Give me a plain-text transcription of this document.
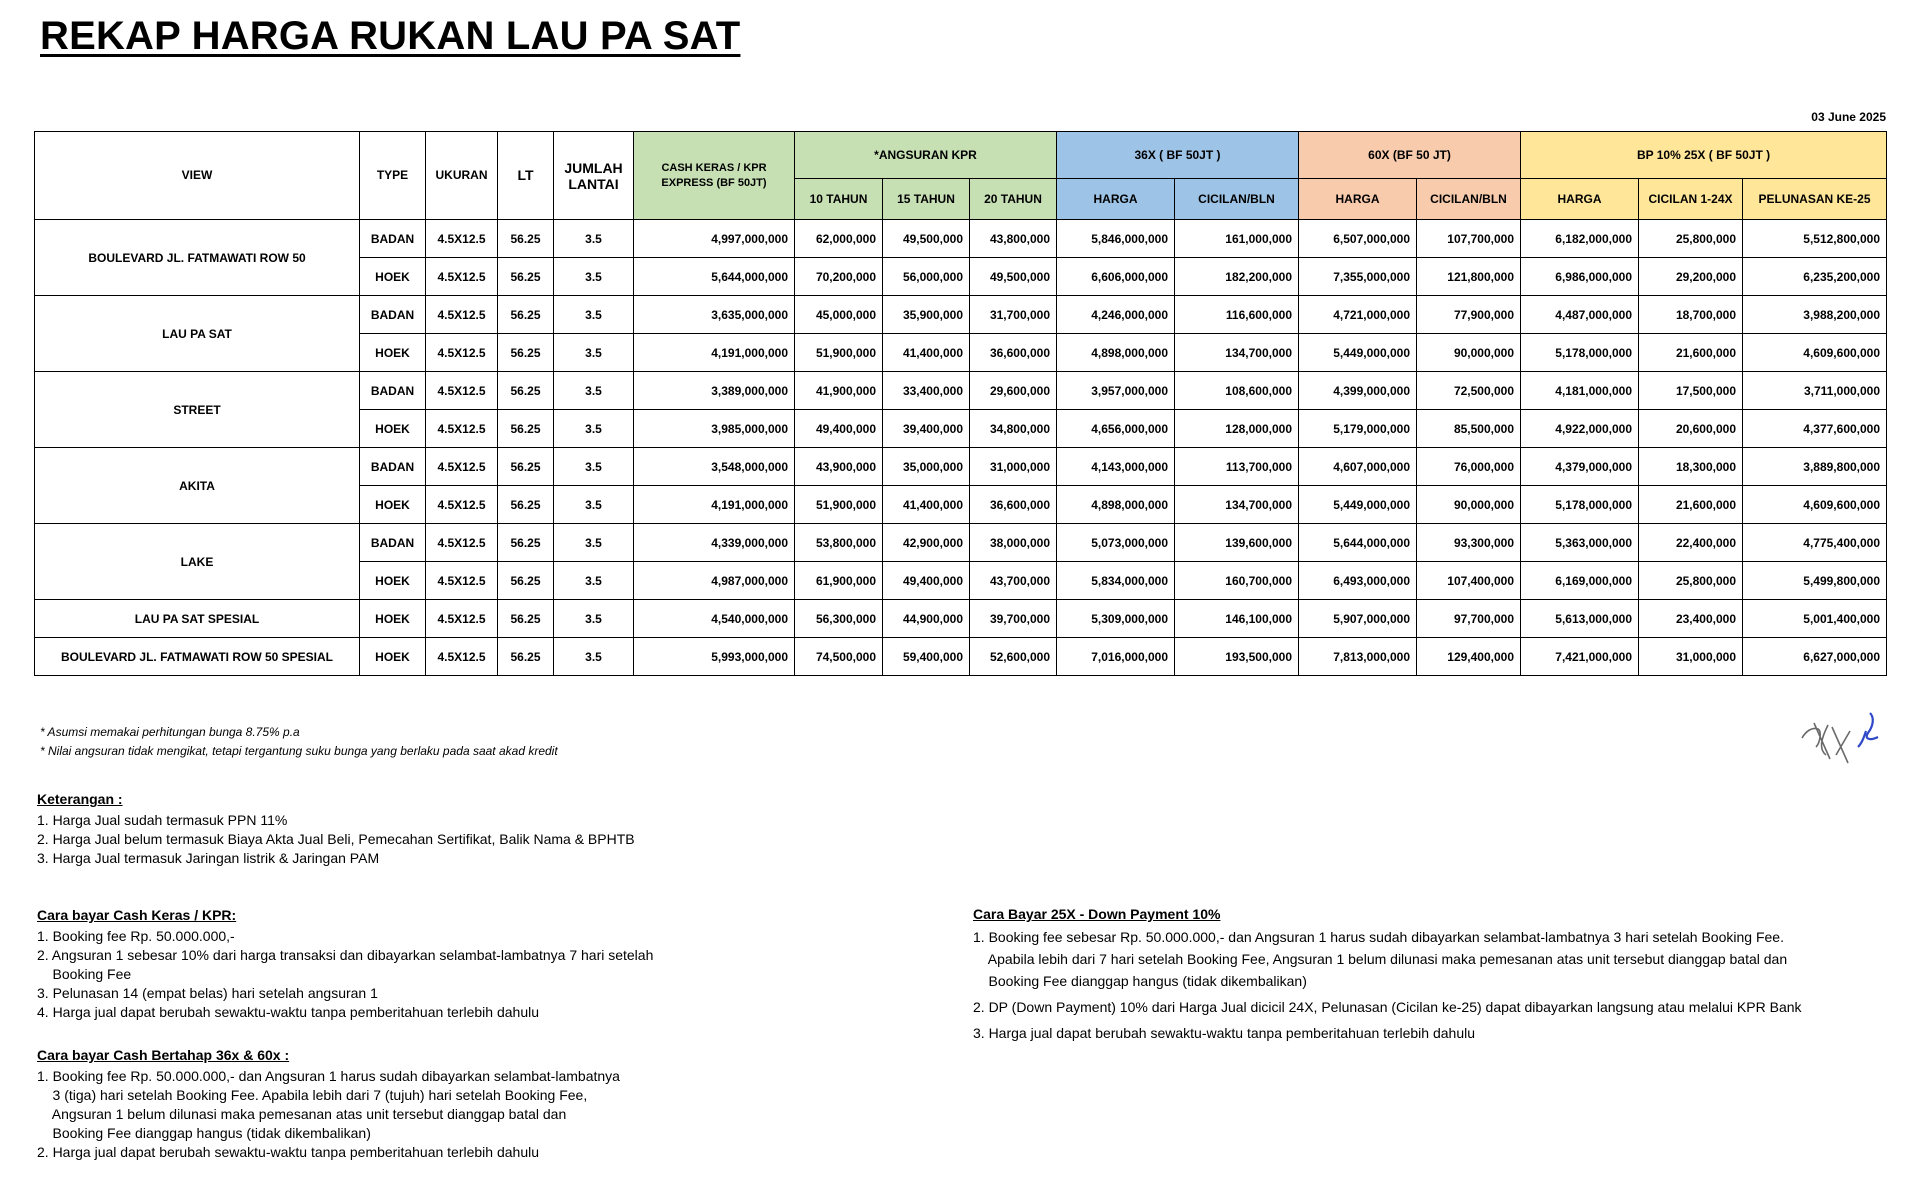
REKAP HARGA RUKAN LAU PA SAT
03 June 2025
VIEW	TYPE	UKURAN	LT	JUMLAH LANTAI	CASH KERAS / KPR EXPRESS (BF 50JT)	*ANGSURAN KPR			36X ( BF 50JT )		60X (BF 50 JT)		BP 10% 25X ( BF 50JT )		
						10 TAHUN	15 TAHUN	20 TAHUN	HARGA	CICILAN/BLN	HARGA	CICILAN/BLN	HARGA	CICILAN 1-24X	PELUNASAN KE-25
BOULEVARD JL. FATMAWATI ROW 50	BADAN	4.5X12.5	56.25	3.5	4,997,000,000	62,000,000	49,500,000	43,800,000	5,846,000,000	161,000,000	6,507,000,000	107,700,000	6,182,000,000	25,800,000	5,512,800,000
	HOEK	4.5X12.5	56.25	3.5	5,644,000,000	70,200,000	56,000,000	49,500,000	6,606,000,000	182,200,000	7,355,000,000	121,800,000	6,986,000,000	29,200,000	6,235,200,000
LAU PA SAT	BADAN	4.5X12.5	56.25	3.5	3,635,000,000	45,000,000	35,900,000	31,700,000	4,246,000,000	116,600,000	4,721,000,000	77,900,000	4,487,000,000	18,700,000	3,988,200,000
	HOEK	4.5X12.5	56.25	3.5	4,191,000,000	51,900,000	41,400,000	36,600,000	4,898,000,000	134,700,000	5,449,000,000	90,000,000	5,178,000,000	21,600,000	4,609,600,000
STREET	BADAN	4.5X12.5	56.25	3.5	3,389,000,000	41,900,000	33,400,000	29,600,000	3,957,000,000	108,600,000	4,399,000,000	72,500,000	4,181,000,000	17,500,000	3,711,000,000
	HOEK	4.5X12.5	56.25	3.5	3,985,000,000	49,400,000	39,400,000	34,800,000	4,656,000,000	128,000,000	5,179,000,000	85,500,000	4,922,000,000	20,600,000	4,377,600,000
AKITA	BADAN	4.5X12.5	56.25	3.5	3,548,000,000	43,900,000	35,000,000	31,000,000	4,143,000,000	113,700,000	4,607,000,000	76,000,000	4,379,000,000	18,300,000	3,889,800,000
	HOEK	4.5X12.5	56.25	3.5	4,191,000,000	51,900,000	41,400,000	36,600,000	4,898,000,000	134,700,000	5,449,000,000	90,000,000	5,178,000,000	21,600,000	4,609,600,000
LAKE	BADAN	4.5X12.5	56.25	3.5	4,339,000,000	53,800,000	42,900,000	38,000,000	5,073,000,000	139,600,000	5,644,000,000	93,300,000	5,363,000,000	22,400,000	4,775,400,000
	HOEK	4.5X12.5	56.25	3.5	4,987,000,000	61,900,000	49,400,000	43,700,000	5,834,000,000	160,700,000	6,493,000,000	107,400,000	6,169,000,000	25,800,000	5,499,800,000
LAU PA SAT SPESIAL	HOEK	4.5X12.5	56.25	3.5	4,540,000,000	56,300,000	44,900,000	39,700,000	5,309,000,000	146,100,000	5,907,000,000	97,700,000	5,613,000,000	23,400,000	5,001,400,000
BOULEVARD JL. FATMAWATI ROW 50 SPESIAL	HOEK	4.5X12.5	56.25	3.5	5,993,000,000	74,500,000	59,400,000	52,600,000	7,016,000,000	193,500,000	7,813,000,000	129,400,000	7,421,000,000	31,000,000	6,627,000,000
* Asumsi memakai perhitungan bunga 8.75% p.a
* Nilai angsuran tidak mengikat, tetapi tergantung suku bunga yang berlaku pada saat akad kredit
Keterangan :
1. Harga Jual sudah termasuk PPN 11%
2. Harga Jual belum termasuk Biaya Akta Jual Beli, Pemecahan Sertifikat, Balik Nama & BPHTB
3. Harga Jual termasuk Jaringan listrik & Jaringan PAM
Cara bayar Cash Keras / KPR:
1. Booking fee Rp. 50.000.000,-
2. Angsuran 1 sebesar 10% dari harga transaksi dan dibayarkan selambat-lambatnya 7 hari setelah
Booking Fee
3. Pelunasan 14 (empat belas) hari setelah angsuran 1
4. Harga jual dapat berubah sewaktu-waktu tanpa pemberitahuan terlebih dahulu
Cara bayar Cash Bertahap 36x & 60x :
1. Booking fee Rp. 50.000.000,- dan Angsuran 1 harus sudah dibayarkan selambat-lambatnya
3 (tiga) hari setelah Booking Fee. Apabila lebih dari 7 (tujuh) hari setelah Booking Fee,
Angsuran 1 belum dilunasi maka pemesanan atas unit tersebut dianggap batal dan
Booking Fee dianggap hangus (tidak dikembalikan)
2. Harga jual dapat berubah sewaktu-waktu tanpa pemberitahuan terlebih dahulu
Cara Bayar 25X - Down Payment 10%
1. Booking fee sebesar Rp. 50.000.000,- dan Angsuran 1 harus sudah dibayarkan selambat-lambatnya 3 hari setelah Booking Fee.
Apabila lebih dari 7 hari setelah Booking Fee, Angsuran 1 belum dilunasi maka pemesanan atas unit tersebut dianggap batal dan
Booking Fee dianggap hangus (tidak dikembalikan)
2. DP (Down Payment) 10% dari Harga Jual dicicil 24X, Pelunasan (Cicilan ke-25) dapat dibayarkan langsung atau melalui KPR Bank
3. Harga jual dapat berubah sewaktu-waktu tanpa pemberitahuan terlebih dahulu
